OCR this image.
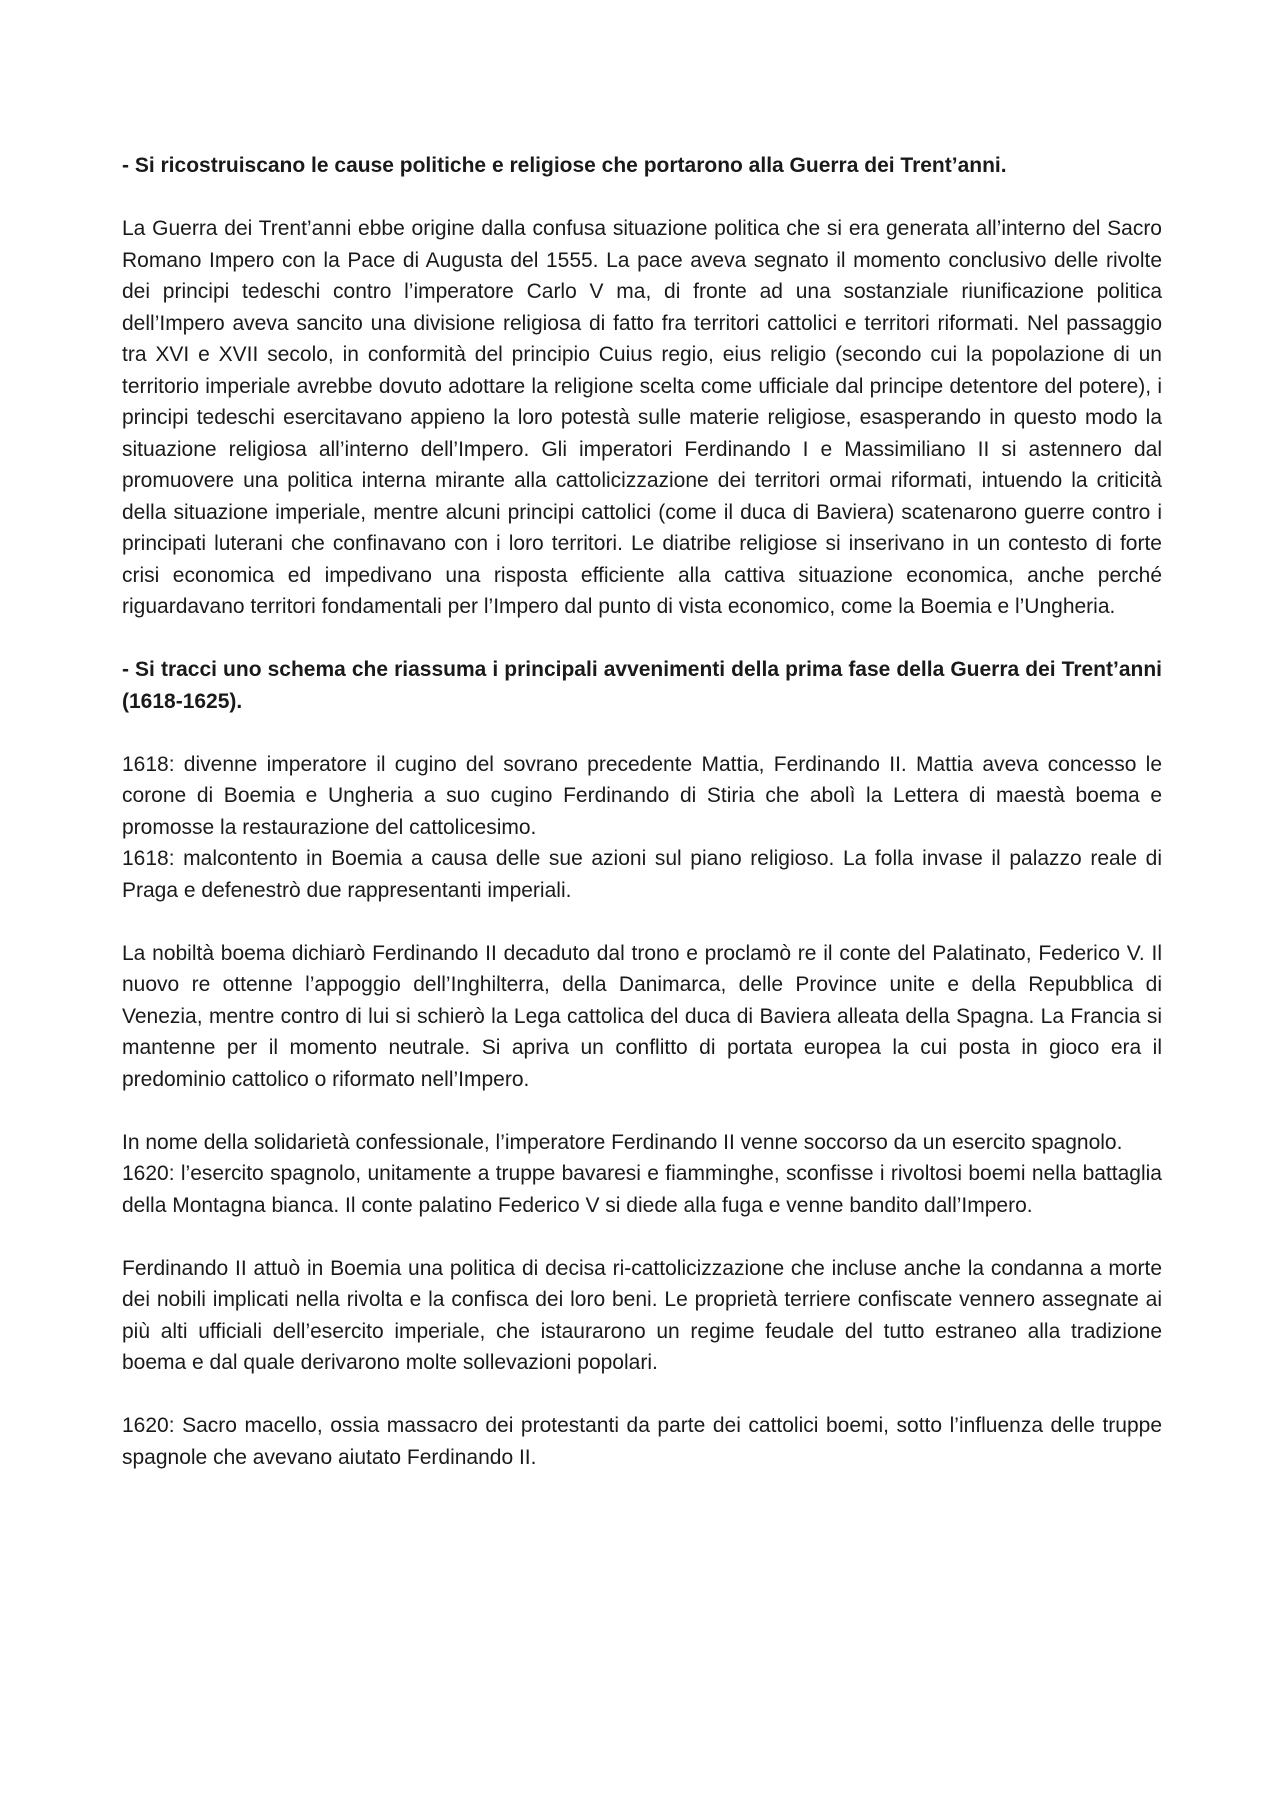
- Si ricostruiscano le cause politiche e religiose che portarono alla Guerra dei Trent’anni.

La Guerra dei Trent’anni ebbe origine dalla confusa situazione politica che si era generata all’interno del Sacro Romano Impero con la Pace di Augusta del 1555. La pace aveva segnato il momento conclusivo delle rivolte dei principi tedeschi contro l’imperatore Carlo V ma, di fronte ad una sostanziale riunificazione politica dell’Impero aveva sancito una divisione religiosa di fatto fra territori cattolici e territori riformati. Nel passaggio tra XVI e XVII secolo, in conformità del principio Cuius regio, eius religio (secondo cui la popolazione di un territorio imperiale avrebbe dovuto adottare la religione scelta come ufficiale dal principe detentore del potere), i principi tedeschi esercitavano appieno la loro potestà sulle materie religiose, esasperando in questo modo la situazione religiosa all’interno dell’Impero. Gli imperatori Ferdinando I e Massimiliano II si astennero dal promuovere una politica interna mirante alla cattolicizzazione dei territori ormai riformati, intuendo la criticità della situazione imperiale, mentre alcuni principi cattolici (come il duca di Baviera) scatenarono guerre contro i principati luterani che confinavano con i loro territori. Le diatribe religiose si inserivano in un contesto di forte crisi economica ed impedivano una risposta efficiente alla cattiva situazione economica, anche perché riguardavano territori fondamentali per l’Impero dal punto di vista economico, come la Boemia e l’Ungheria.

- Si tracci uno schema che riassuma i principali avvenimenti della prima fase della Guerra dei Trent’anni (1618-1625).

1618: divenne imperatore il cugino del sovrano precedente Mattia, Ferdinando II. Mattia aveva concesso le corone di Boemia e Ungheria a suo cugino Ferdinando di Stiria che abolì la Lettera di maestà boema e promosse la restaurazione del cattolicesimo.

1618: malcontento in Boemia a causa delle sue azioni sul piano religioso. La folla invase il palazzo reale di Praga e defenestrò due rappresentanti imperiali.

La nobiltà boema dichiarò Ferdinando II decaduto dal trono e proclamò re il conte del Palatinato, Federico V. Il nuovo re ottenne l’appoggio dell’Inghilterra, della Danimarca, delle Province unite e della Repubblica di Venezia, mentre contro di lui si schierò la Lega cattolica del duca di Baviera alleata della Spagna. La Francia si mantenne per il momento neutrale. Si apriva un conflitto di portata europea la cui posta in gioco era il predominio cattolico o riformato nell’Impero.

In nome della solidarietà confessionale, l’imperatore Ferdinando II venne soccorso da un esercito spagnolo.

1620: l’esercito spagnolo, unitamente a truppe bavaresi e fiamminghe, sconfisse i rivoltosi boemi nella battaglia della Montagna bianca. Il conte palatino Federico V si diede alla fuga e venne bandito dall’Impero.

Ferdinando II attuò in Boemia una politica di decisa ri-cattolicizzazione che incluse anche la condanna a morte dei nobili implicati nella rivolta e la confisca dei loro beni. Le proprietà terriere confiscate vennero assegnate ai più alti ufficiali dell’esercito imperiale, che istaurarono un regime feudale del tutto estraneo alla tradizione boema e dal quale derivarono molte sollevazioni popolari.

1620: Sacro macello, ossia massacro dei protestanti da parte dei cattolici boemi, sotto l’influenza delle truppe spagnole che avevano aiutato Ferdinando II.
